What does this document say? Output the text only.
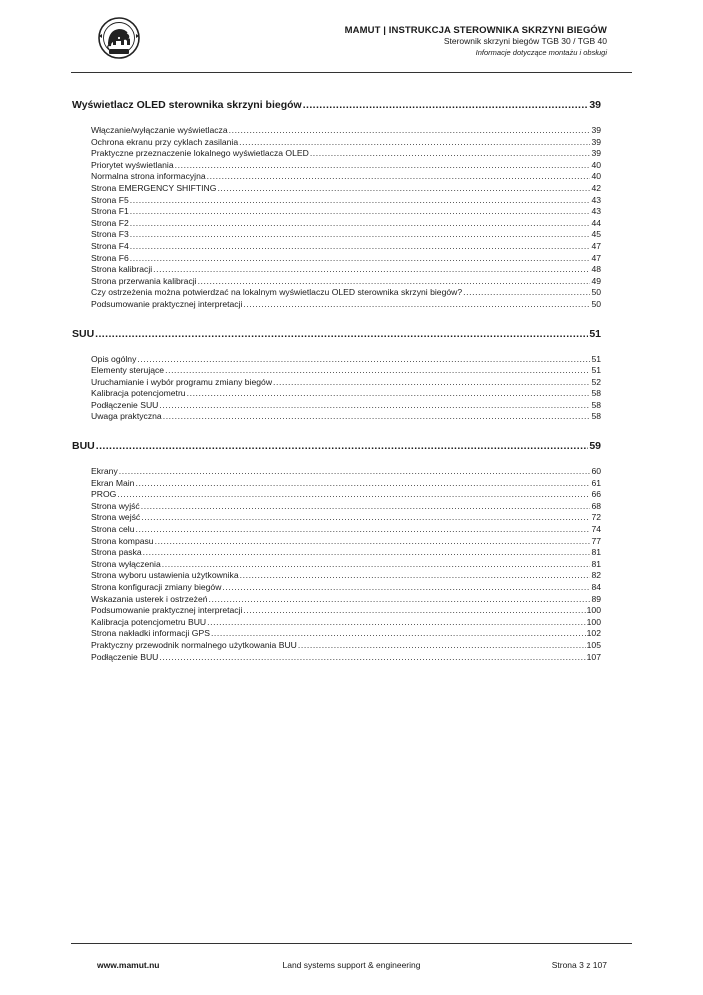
MAMUT | INSTRUKCJA STEROWNIKA SKRZYNI BIEGÓW
Sterownik skrzyni biegów TGB 30 / TGB 40
Informacje dotyczące montażu i obsługi
Wyświetlacz OLED sterownika skrzyni biegów .....	39
Włączanie/wyłączanie wyświetlacza .....	39
Ochrona ekranu przy cyklach zasilania .....	39
Praktyczne przeznaczenie lokalnego wyświetlacza OLED .....	39
Priorytet wyświetlania .....	40
Normalna strona informacyjna .....	40
Strona EMERGENCY SHIFTING .....	42
Strona F5 .....	43
Strona F1 .....	43
Strona F2 .....	44
Strona F3 .....	45
Strona F4 .....	47
Strona F6 .....	47
Strona kalibracji .....	48
Strona przerwania kalibracji .....	49
Czy ostrzeżenia można potwierdzać na lokalnym wyświetlaczu OLED sterownika skrzyni biegów? .....	50
Podsumowanie praktycznej interpretacji .....	50
SUU .....	51
Opis ogólny .....	51
Elementy sterujące .....	51
Uruchamianie i wybór programu zmiany biegów .....	52
Kalibracja potencjometru .....	58
Podłączenie SUU .....	58
Uwaga praktyczna .....	58
BUU .....	59
Ekrany .....	60
Ekran Main .....	61
PROG .....	66
Strona wyjść .....	68
Strona wejść .....	72
Strona celu .....	74
Strona kompasu .....	77
Strona paska .....	81
Strona wyłączenia .....	81
Strona wyboru ustawienia użytkownika .....	82
Strona konfiguracji zmiany biegów .....	84
Wskazania usterek i ostrzeżeń .....	89
Podsumowanie praktycznej interpretacji .....	100
Kalibracja potencjometru BUU .....	100
Strona nakładki informacji GPS .....	102
Praktyczny przewodnik normalnego użytkowania BUU .....	105
Podłączenie BUU .....	107
Land systems support & engineering
www.mamut.nu	Strona 3 z 107
